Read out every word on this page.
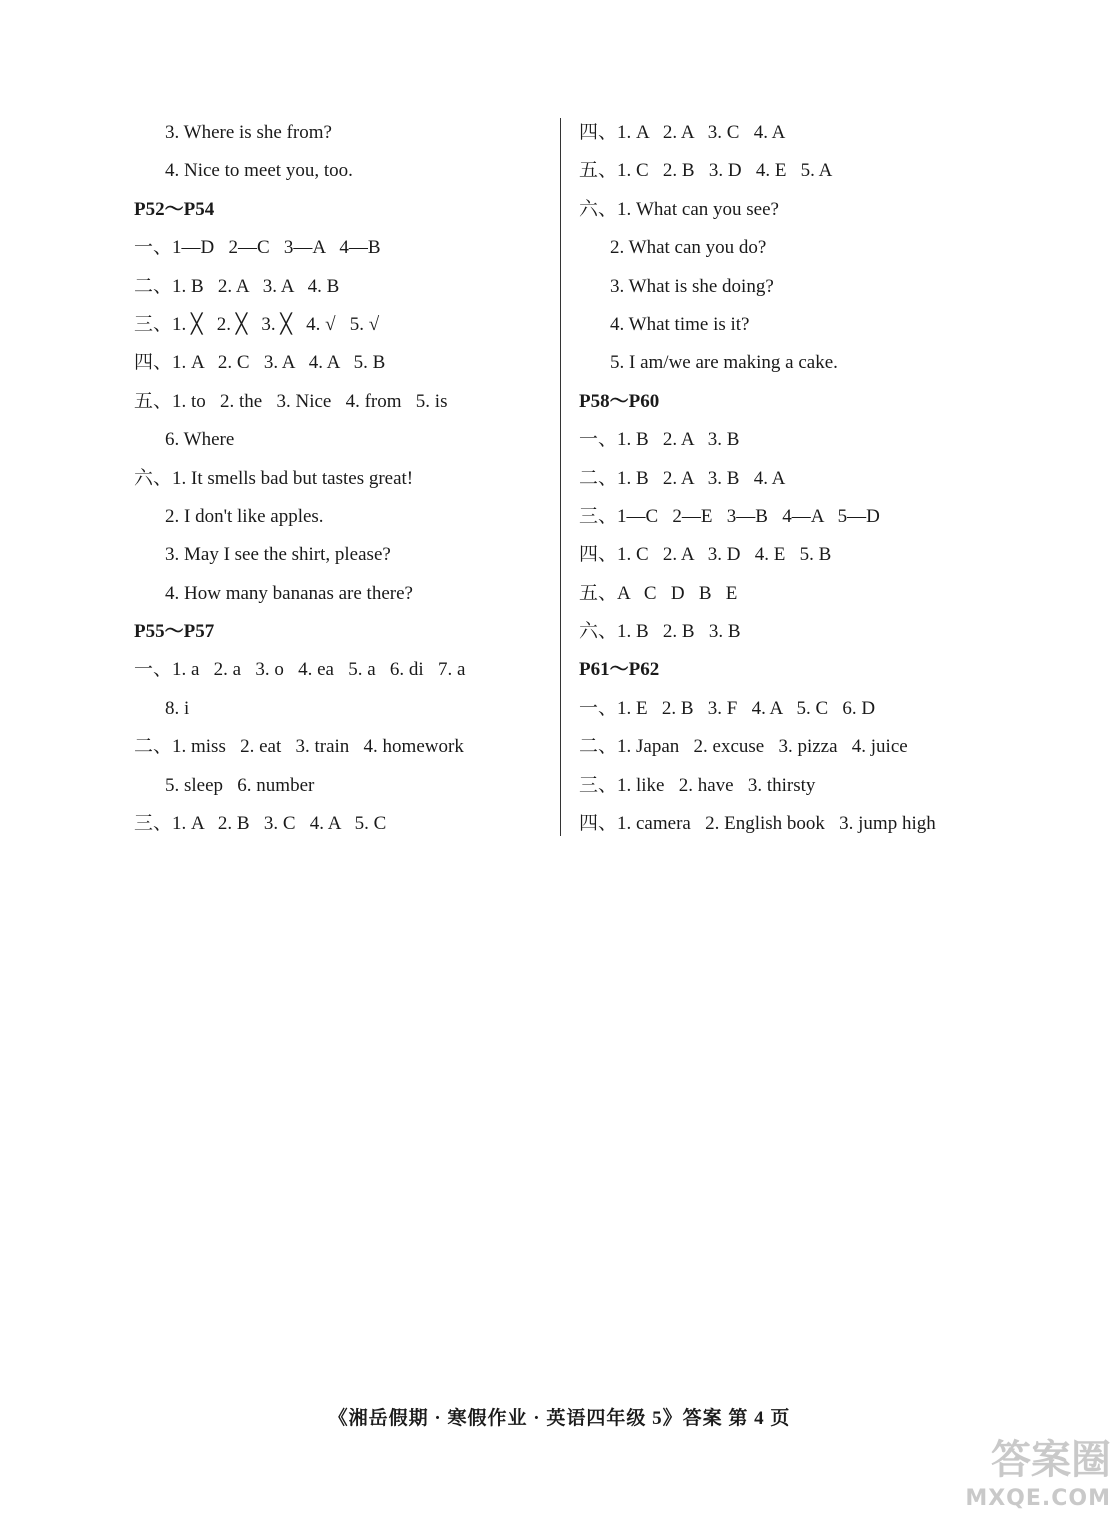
3. Where is she from?
4. Nice to meet you, too.
P52～P54
一、1—D   2—C   3—A   4—B
二、1. B   2. A   3. A   4. B
三、1. ╳   2. ╳   3. ╳   4. √   5. √
四、1. A   2. C   3. A   4. A   5. B
五、1. to   2. the   3. Nice   4. from   5. is
6. Where
六、1. It smells bad but tastes great!
2. I don't like apples.
3. May I see the shirt, please?
4. How many bananas are there?
P55～P57
一、1. a   2. a   3. o   4. ea   5. a   6. di   7. a
8. i
二、1. miss   2. eat   3. train   4. homework
5. sleep   6. number
三、1. A   2. B   3. C   4. A   5. C
四、1. A   2. A   3. C   4. A
五、1. C   2. B   3. D   4. E   5. A
六、1. What can you see?
2. What can you do?
3. What is she doing?
4. What time is it?
5. I am/we are making a cake.
P58～P60
一、1. B   2. A   3. B
二、1. B   2. A   3. B   4. A
三、1—C   2—E   3—B   4—A   5—D
四、1. C   2. A   3. D   4. E   5. B
五、A   C   D   B   E
六、1. B   2. B   3. B
P61～P62
一、1. E   2. B   3. F   4. A   5. C   6. D
二、1. Japan   2. excuse   3. pizza   4. juice
三、1. like   2. have   3. thirsty
四、1. camera   2. English book   3. jump high
《湘岳假期 · 寒假作业 · 英语四年级 5》答案 第 4 页
答案圈
MXQE.COM
